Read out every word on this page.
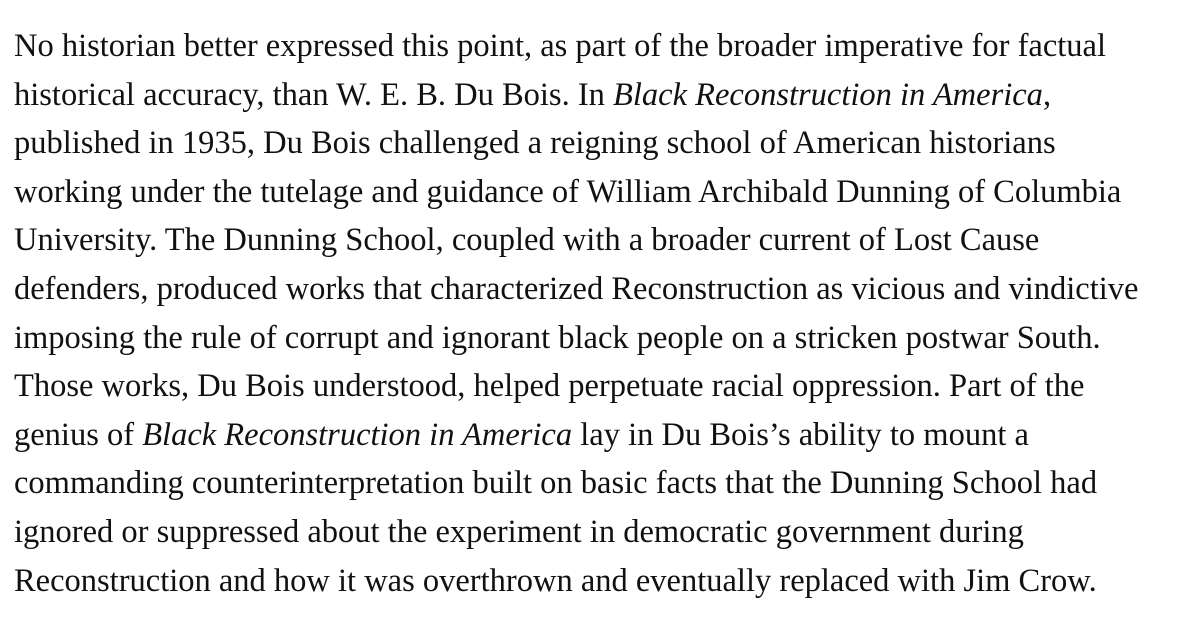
No historian better expressed this point, as part of the broader imperative for factual
historical accuracy, than W. E. B. Du Bois. In Black Reconstruction in America,
published in 1935, Du Bois challenged a reigning school of American historians
working under the tutelage and guidance of William Archibald Dunning of Columbia
University. The Dunning School, coupled with a broader current of Lost Cause
defenders, produced works that characterized Reconstruction as vicious and vindictive
imposing the rule of corrupt and ignorant black people on a stricken postwar South.
Those works, Du Bois understood, helped perpetuate racial oppression. Part of the
genius of Black Reconstruction in America lay in Du Bois’s ability to mount a
commanding counterinterpretation built on basic facts that the Dunning School had
ignored or suppressed about the experiment in democratic government during
Reconstruction and how it was overthrown and eventually replaced with Jim Crow.
